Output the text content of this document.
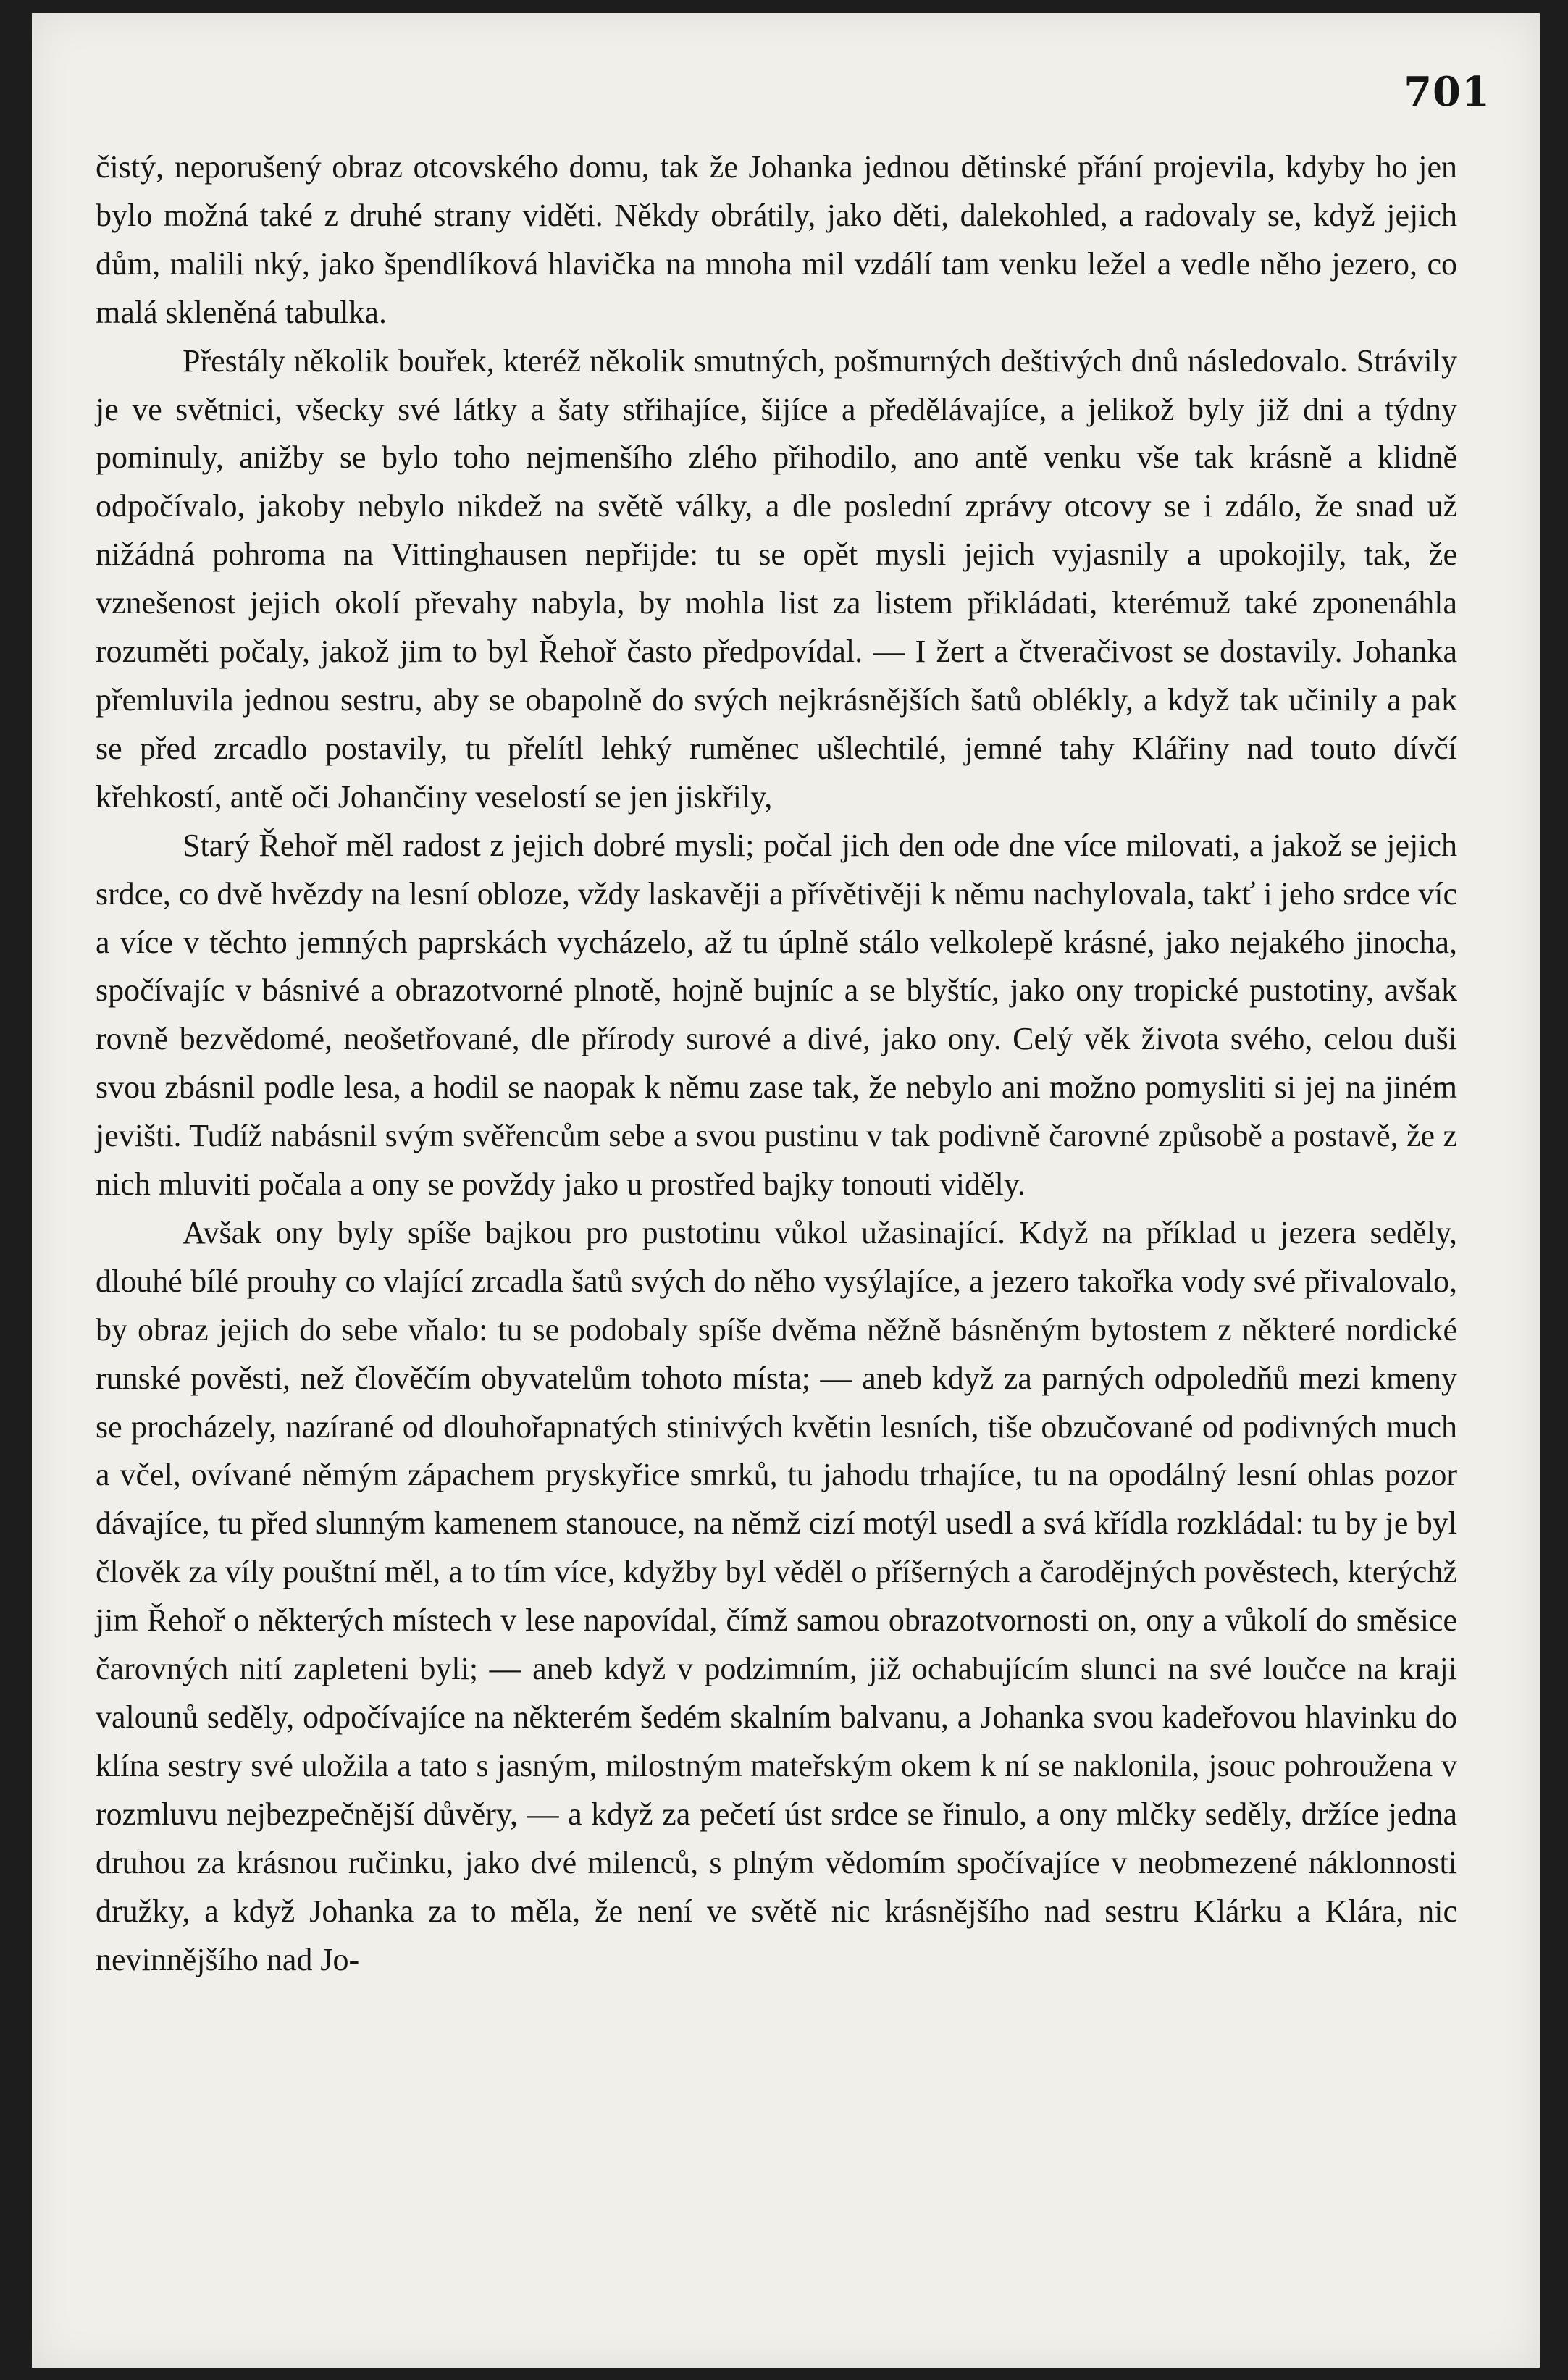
701

čistý, neporušený obraz otcovského domu, tak že Johanka jednou dětinské přání projevila, kdyby ho jen bylo možná také z druhé strany viděti. Někdy obrátily, jako děti, dalekohled, a radovaly se, když jejich dům, malili nký, jako špendlíková hlavička na mnoha mil vzdálí tam venku ležel a vedle něho jezero, co malá skleněná tabulka.

Přestály několik bouřek, kteréž několik smutných, pošmurných deštivých dnů následovalo. Strávily je ve světnici, všecky své látky a šaty střihajíce, šijíce a předělávajíce, a jelikož byly již dni a týdny pominuly, anižby se bylo toho nejmenšího zlého přihodilo, ano antě venku vše tak krásně a klidně odpočívalo, jakoby nebylo nikdež na světě války, a dle poslední zprávy otcovy se i zdálo, že snad už nižádná pohroma na Vittinghausen nepřijde: tu se opět mysli jejich vyjasnily a upokojily, tak, že vznešenost jejich okolí převahy nabyla, by mohla list za listem přikládati, kterémuž také zponenáhla rozuměti počaly, jakož jim to byl Řehoř často předpovídal. — I žert a čtveračivost se dostavily. Johanka přemluvila jednou sestru, aby se obapolně do svých nejkrásnějších šatů oblékly, a když tak učinily a pak se před zrcadlo postavily, tu přelítl lehký ruměnec ušlechtilé, jemné tahy Klářiny nad touto dívčí křehkostí, antě oči Johančiny veselostí se jen jiskřily,

Starý Řehoř měl radost z jejich dobré mysli; počal jich den ode dne více milovati, a jakož se jejich srdce, co dvě hvězdy na lesní obloze, vždy laskavěji a přívětivěji k němu nachylovala, takť i jeho srdce víc a více v těchto jemných paprskách vycházelo, až tu úplně stálo velkolepě krásné, jako nejakého jinocha, spočívajíc v básnivé a obrazotvorné plnotě, hojně bujníc a se blyštíc, jako ony tropické pustotiny, avšak rovně bezvědomé, neošetřované, dle přírody surové a divé, jako ony. Celý věk života svého, celou duši svou zbásnil podle lesa, a hodil se naopak k němu zase tak, že nebylo ani možno pomysliti si jej na jiném jevišti. Tudíž nabásnil svým svěřencům sebe a svou pustinu v tak podivně čarovné způsobě a postavě, že z nich mluviti počala a ony se povždy jako u prostřed bajky tonouti viděly.

Avšak ony byly spíše bajkou pro pustotinu vůkol užasinající. Když na příklad u jezera seděly, dlouhé bílé prouhy co vlající zrcadla šatů svých do něho vysýlajíce, a jezero takořka vody své přivalovalo, by obraz jejich do sebe vňalo: tu se podobaly spíše dvěma něžně básněným bytostem z některé nordické runské pověsti, než člověčím obyvatelům tohoto místa; — aneb když za parných odpoledňů mezi kmeny se procházely, nazírané od dlouhořapnatých stinivých květin lesních, tiše obzučované od podivných much a včel, ovívané němým zápachem pryskyřice smrků, tu jahodu trhajíce, tu na opodálný lesní ohlas pozor dávajíce, tu před slunným kamenem stanouce, na němž cizí motýl usedl a svá křídla rozkládal: tu by je byl člověk za víly pouštní měl, a to tím více, kdyžby byl věděl o příšerných a čarodějných pověstech, kterýchž jim Řehoř o některých místech v lese napovídal, čímž samou obrazotvornosti on, ony a vůkolí do směsice čarovných nití zapleteni byli; — aneb když v podzimním, již ochabujícím slunci na své loučce na kraji valounů seděly, odpočívajíce na některém šedém skalním balvanu, a Johanka svou kadeřovou hlavinku do klína sestry své uložila a tato s jasným, milostným mateřským okem k ní se naklonila, jsouc pohroužena v rozmluvu nejbezpečnější důvěry, — a když za pečetí úst srdce se řinulo, a ony mlčky seděly, držíce jedna druhou za krásnou ručinku, jako dvé milenců, s plným vědomím spočívajíce v neobmezené náklonnosti družky, a když Johanka za to měla, že není ve světě nic krásnějšího nad sestru Klárku a Klára, nic nevinnějšího nad Jo-
